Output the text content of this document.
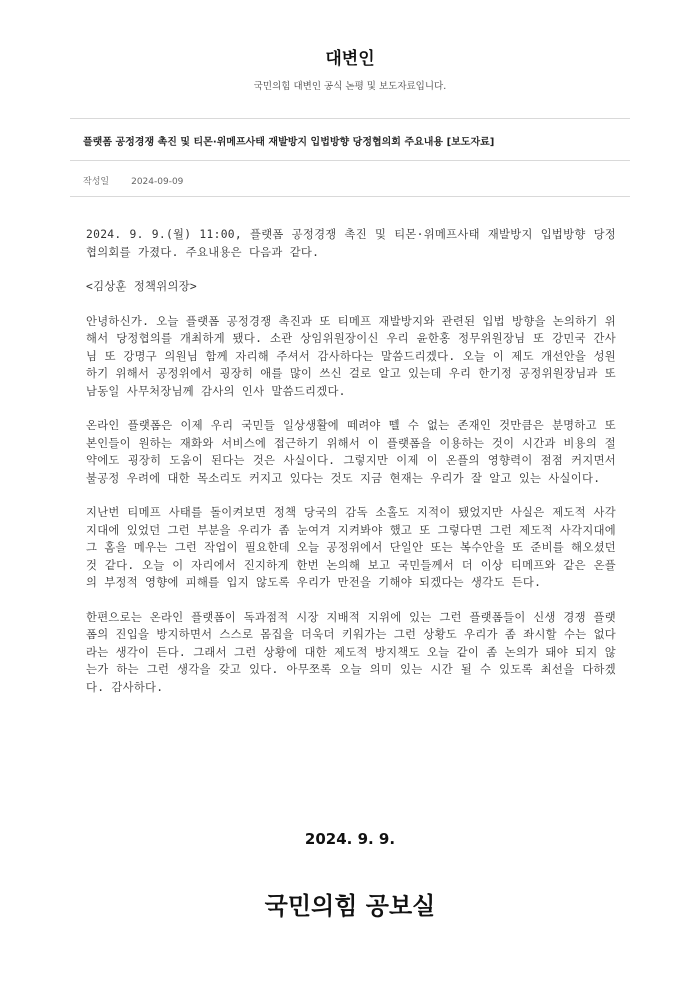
대변인
국민의힘 대변인 공식 논평 및 보도자료입니다.
플랫폼 공정경쟁 촉진 및 티몬·위메프사태 재발방지 입법방향 당정협의회 주요내용 [보도자료]
작성일 2024-09-09

2024. 9. 9.(월) 11:00, 플랫폼 공정경쟁 촉진 및 티몬·위메프사태 재발방지 입법방향 당정협의회를 가졌다. 주요내용은 다음과 같다.

<김상훈 정책위의장>

안녕하신가. 오늘 플랫폼 공정경쟁 촉진과 또 티메프 재발방지와 관련된 입법 방향을 논의하기 위해서 당정협의를 개최하게 됐다. 소관 상임위원장이신 우리 윤한홍 정무위원장님 또 강민국 간사님 또 강명구 의원님 함께 자리해 주셔서 감사하다는 말씀드리겠다. 오늘 이 제도 개선안을 성원하기 위해서 공정위에서 굉장히 애를 많이 쓰신 걸로 알고 있는데 우리 한기정 공정위원장님과 또 남동일 사무처장님께 감사의 인사 말씀드리겠다.

온라인 플랫폼은 이제 우리 국민들 일상생활에 떼려야 뗄 수 없는 존재인 것만큼은 분명하고 또 본인들이 원하는 재화와 서비스에 접근하기 위해서 이 플랫폼을 이용하는 것이 시간과 비용의 절약에도 굉장히 도움이 된다는 것은 사실이다. 그렇지만 이제 이 온플의 영향력이 점점 커지면서 불공정 우려에 대한 목소리도 커지고 있다는 것도 지금 현재는 우리가 잘 알고 있는 사실이다.

지난번 티메프 사태를 돌이켜보면 정책 당국의 감독 소홀도 지적이 됐었지만 사실은 제도적 사각지대에 있었던 그런 부분을 우리가 좀 눈여겨 지켜봐야 했고 또 그렇다면 그런 제도적 사각지대에 그 홈을 메우는 그런 작업이 필요한데 오늘 공정위에서 단일안 또는 복수안을 또 준비를 해오셨던 것 같다. 오늘 이 자리에서 진지하게 한번 논의해 보고 국민들께서 더 이상 티메프와 같은 온플의 부정적 영향에 피해를 입지 않도록 우리가 만전을 기해야 되겠다는 생각도 든다.

한편으로는 온라인 플랫폼이 독과점적 시장 지배적 지위에 있는 그런 플랫폼들이 신생 경쟁 플랫폼의 진입을 방지하면서 스스로 몸집을 더욱더 키워가는 그런 상황도 우리가 좀 좌시할 수는 없다라는 생각이 든다. 그래서 그런 상황에 대한 제도적 방지책도 오늘 같이 좀 논의가 돼야 되지 않는가 하는 그런 생각을 갖고 있다. 아무쪼록 오늘 의미 있는 시간 될 수 있도록 최선을 다하겠다. 감사하다.

2024. 9. 9.
국민의힘 공보실
